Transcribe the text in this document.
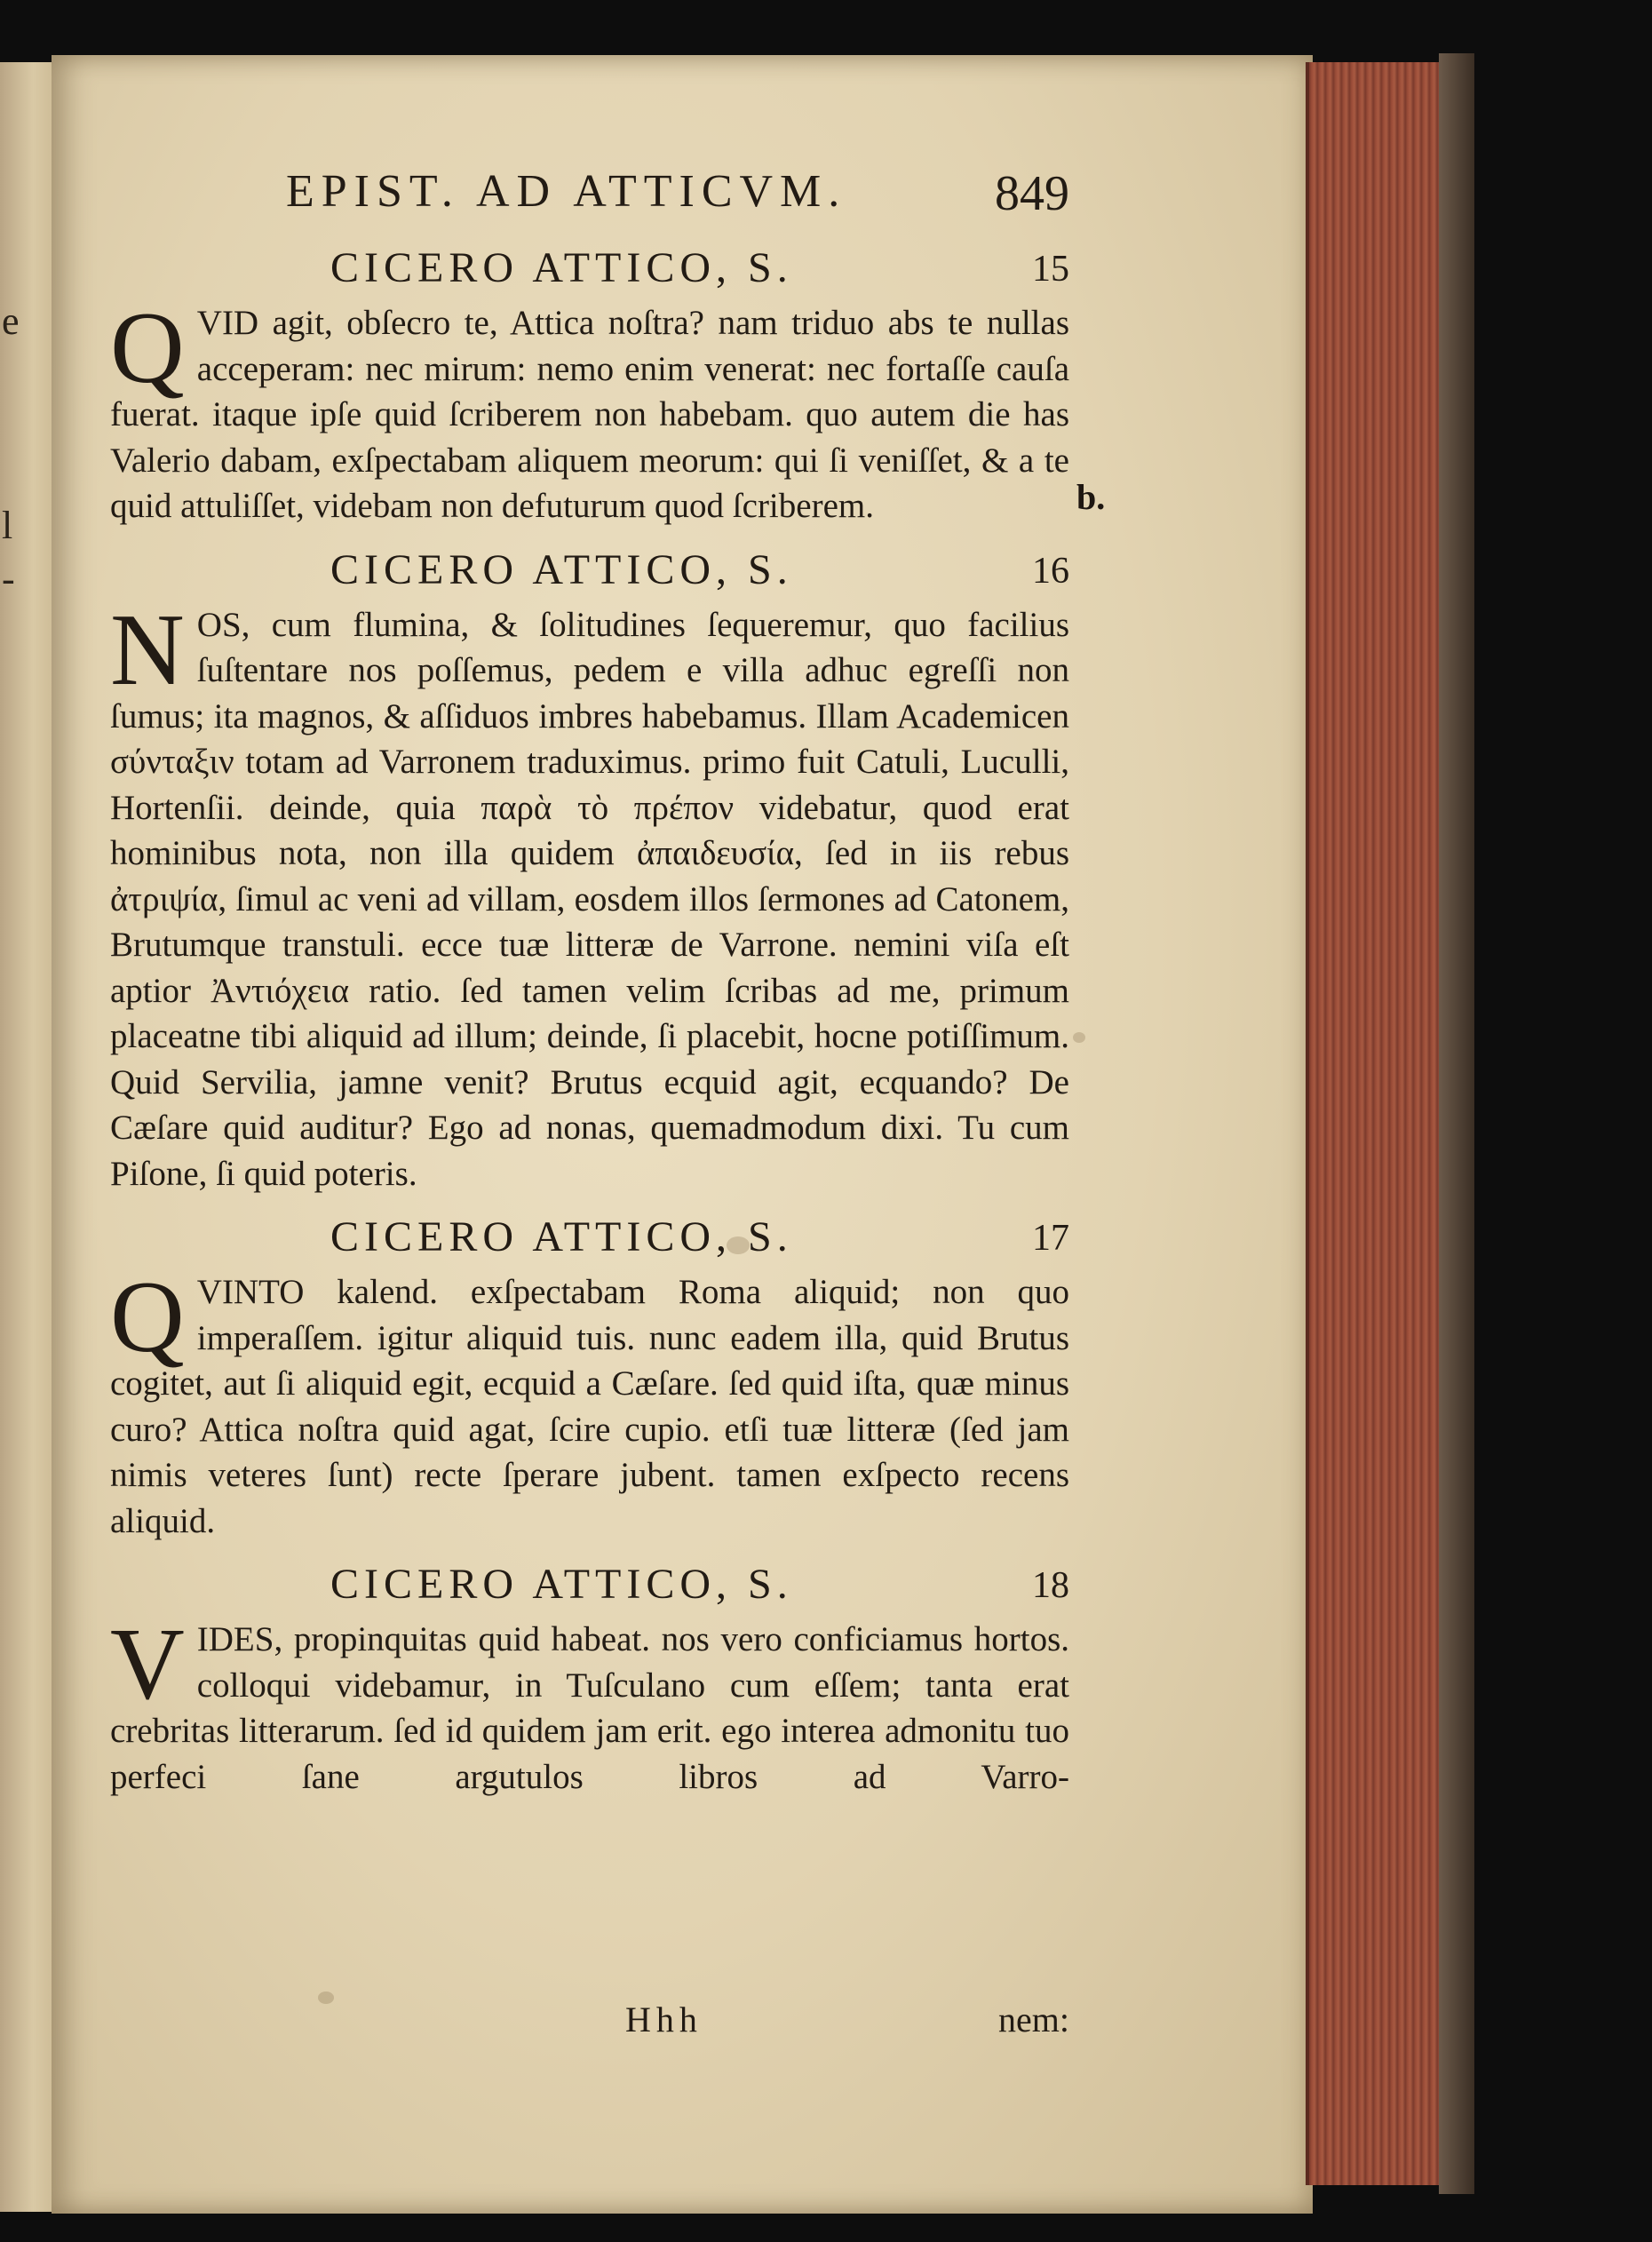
e
l
-
b.
EPIST. AD ATTICVM.	849
CICERO ATTICO, S.	15
QVID agit, obſecro te, Attica noſtra? nam triduo abs te nullas acceperam: nec mirum: nemo enim venerat: nec fortaſſe cauſa fuerat. itaque ipſe quid ſcriberem non habebam. quo autem die has Valerio dabam, exſpectabam aliquem meorum: qui ſi veniſſet, & a te quid attuliſſet, videbam non defuturum quod ſcriberem.
CICERO ATTICO, S.	16
NOS, cum flumina, & ſolitudines ſequeremur, quo facilius ſuſtentare nos poſſemus, pedem e villa adhuc egreſſi non ſumus; ita magnos, & aſſiduos imbres habebamus. Illam Academicen σύνταξιν totam ad Varronem traduximus. primo fuit Catuli, Luculli, Hortenſii. deinde, quia παρὰ τὸ πρέπον videbatur, quod erat hominibus nota, non illa quidem ἀπαιδευσία, ſed in iis rebus ἀτριψία, ſimul ac veni ad villam, eosdem illos ſermones ad Catonem, Brutumque transtuli. ecce tuæ litteræ de Varrone. nemini viſa eſt aptior Ἀντιόχεια ratio. ſed tamen velim ſcribas ad me, primum placeatne tibi aliquid ad illum; deinde, ſi placebit, hocne potiſſimum. Quid Servilia, jamne venit? Brutus ecquid agit, ecquando? De Cæſare quid auditur? Ego ad nonas, quemadmodum dixi. Tu cum Piſone, ſi quid poteris.
CICERO ATTICO, S.	17
QVINTO kalend. exſpectabam Roma aliquid; non quo imperaſſem. igitur aliquid tuis. nunc eadem illa, quid Brutus cogitet, aut ſi aliquid egit, ecquid a Cæſare. ſed quid iſta, quæ minus curo? Attica noſtra quid agat, ſcire cupio. etſi tuæ litteræ (ſed jam nimis veteres ſunt) recte ſperare jubent. tamen exſpecto recens aliquid.
CICERO ATTICO, S.	18
VIDES, propinquitas quid habeat. nos vero conficiamus hortos. colloqui videbamur, in Tuſculano cum eſſem; tanta erat crebritas litterarum. ſed id quidem jam erit. ego interea admonitu tuo perfeci ſane argutulos libros ad Varro-
Hhh	nem:
